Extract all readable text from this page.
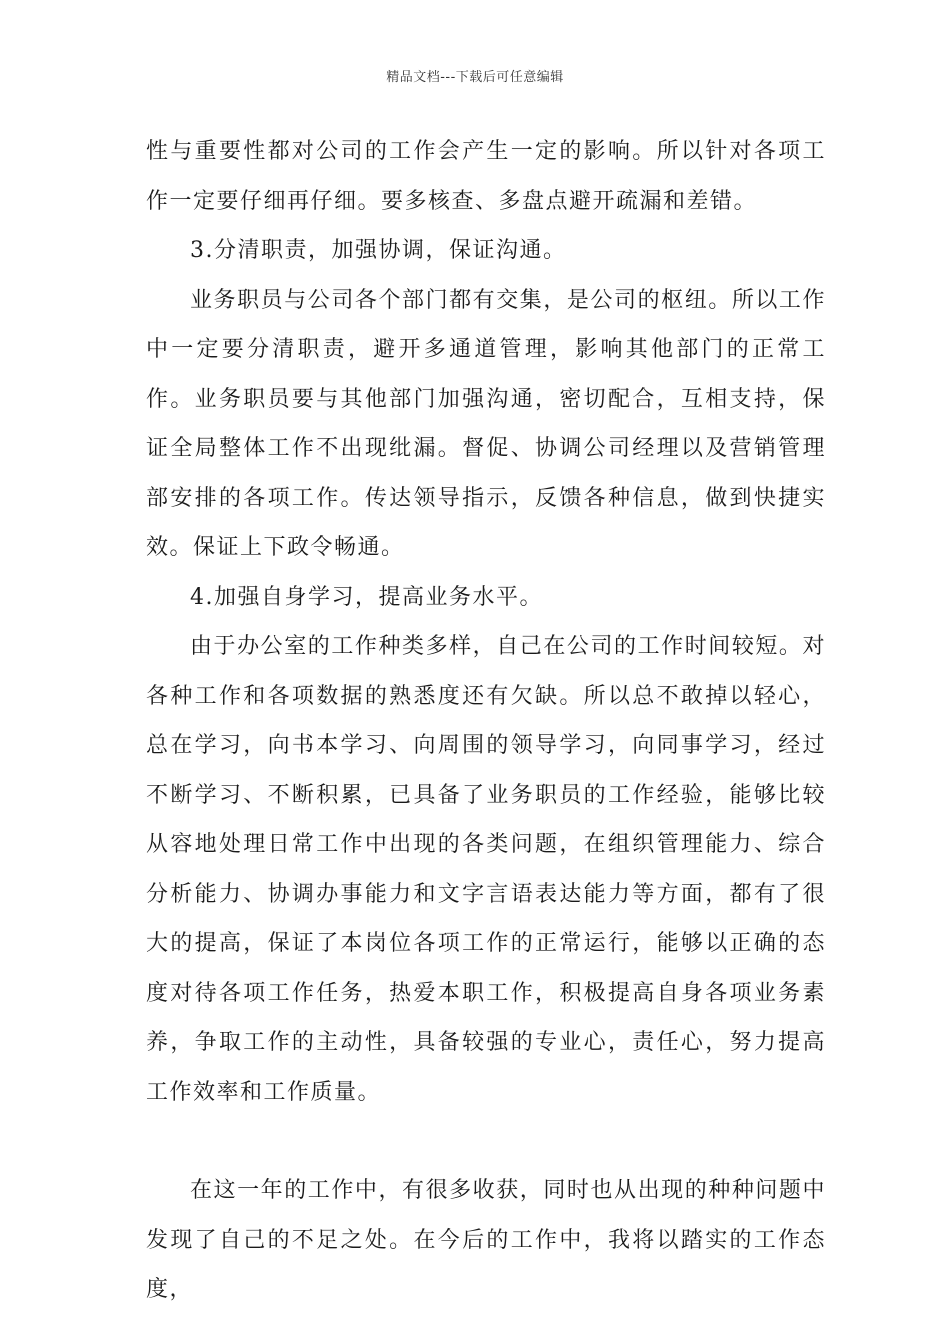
精品文档---下载后可任意编辑

性与重要性都对公司的工作会产生一定的影响。所以针对各项工作一定要仔细再仔细。要多核查、多盘点避开疏漏和差错。

3.分清职责，加强协调，保证沟通。

业务职员与公司各个部门都有交集，是公司的枢纽。所以工作中一定要分清职责，避开多通道管理，影响其他部门的正常工作。业务职员要与其他部门加强沟通，密切配合，互相支持，保证全局整体工作不出现纰漏。督促、协调公司经理以及营销管理部安排的各项工作。传达领导指示，反馈各种信息，做到快捷实效。保证上下政令畅通。

4.加强自身学习，提高业务水平。

由于办公室的工作种类多样，自己在公司的工作时间较短。对各种工作和各项数据的熟悉度还有欠缺。所以总不敢掉以轻心，总在学习，向书本学习、向周围的领导学习，向同事学习，经过不断学习、不断积累，已具备了业务职员的工作经验，能够比较从容地处理日常工作中出现的各类问题，在组织管理能力、综合分析能力、协调办事能力和文字言语表达能力等方面，都有了很大的提高，保证了本岗位各项工作的正常运行，能够以正确的态度对待各项工作任务，热爱本职工作，积极提高自身各项业务素养，争取工作的主动性，具备较强的专业心，责任心，努力提高工作效率和工作质量。

在这一年的工作中，有很多收获，同时也从出现的种种问题中发现了自己的不足之处。在今后的工作中，我将以踏实的工作态度，
